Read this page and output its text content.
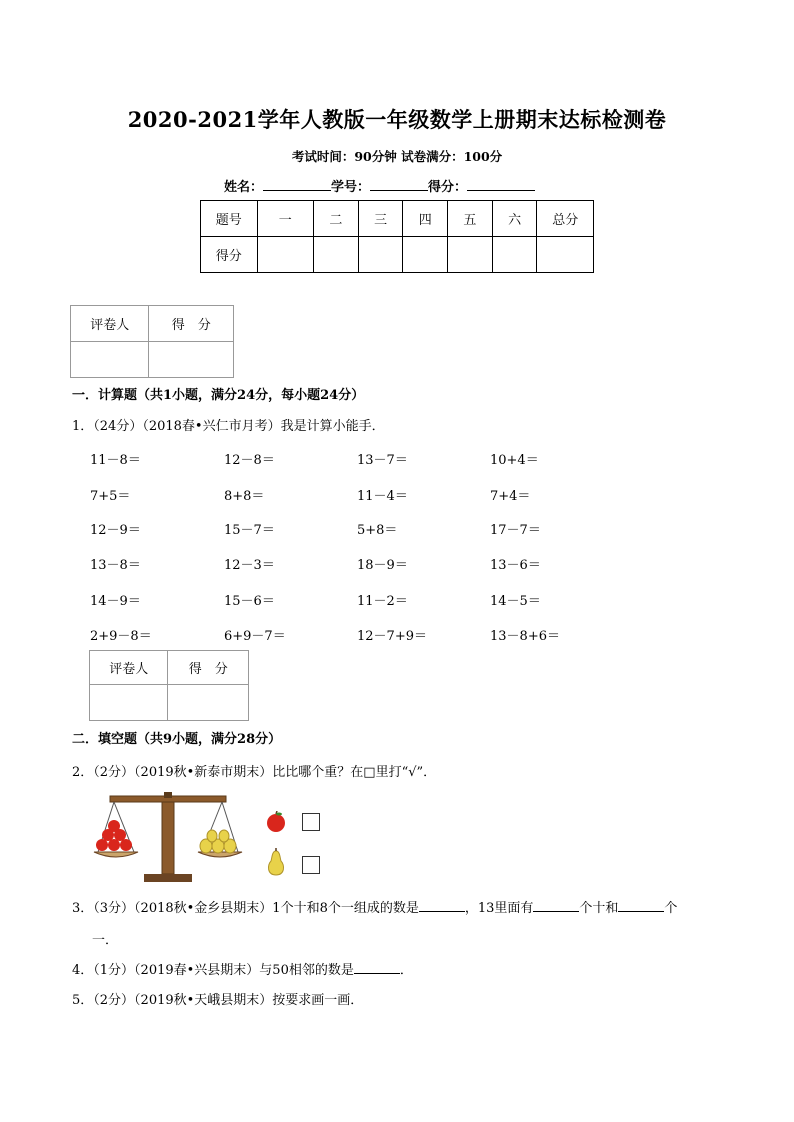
2020-2021学年人教版一年级数学上册期末达标检测卷
考试时间：90分钟 试卷满分：100分
姓名：	学号：	得分：
题号	一	二	三	四	五	六	总分
得分							
评卷人	得　分

一．计算题（共1小题，满分24分，每小题24分）
1．（24分）（2018春•兴仁市月考）我是计算小能手．
11－8＝	12－8＝	13－7＝	10+4＝
7+5＝	8+8＝	11－4＝	7+4＝
12－9＝	15－7＝	5+8＝	17－7＝
13－8＝	12－3＝	18－9＝	13－6＝
14－9＝	15－6＝	11－2＝	14－5＝
2+9－8＝	6+9－7＝	12－7+9＝	13－8+6＝
评卷人	得　分

二．填空题（共9小题，满分28分）
2．（2分）（2019秋•新泰市期末）比比哪个重？在□里打“√”．
3．（3分）（2018秋•金乡县期末）1个十和8个一组成的数是	，13里面有	个十和	个
一．
4．（1分）（2019春•兴县期末）与50相邻的数是	．
5．（2分）（2019秋•天峨县期末）按要求画一画．
